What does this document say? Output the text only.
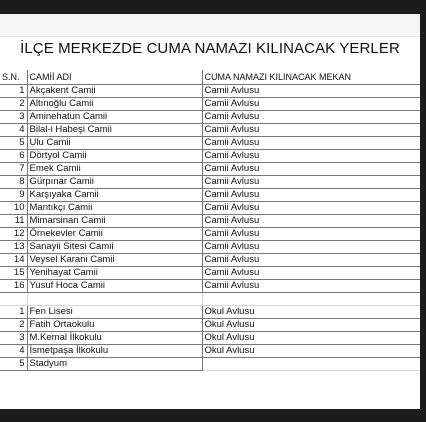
İLÇE MERKEZDE CUMA NAMAZI KILINACAK YERLER
S.N.	CAMİİ ADI	CUMA NAMAZI KILINACAK MEKAN
1	Akçakent Camii	Camii Avlusu
2	Altınoğlu Camii	Camii Avlusu
3	Aminehatun Camii	Camii Avlusu
4	Bilal-i Habeşi Camii	Camii Avlusu
5	Ulu Camii	Camii Avlusu
6	Dörtyol Camii	Camii Avlusu
7	Emek Camii	Camii Avlusu
8	Gürpınar Camii	Camii Avlusu
9	Karşıyaka Camii	Camii Avlusu
10	Mantıkçı Camii	Camii Avlusu
11	Mimarsinan Camii	Camii Avlusu
12	Örnekevler Camii	Camii Avlusu
13	Sanayii Sitesi Camii	Camii Avlusu
14	Veysel Karani Camii	Camii Avlusu
15	Yenihayat Camii	Camii Avlusu
16	Yusuf Hoca Camii	Camii Avlusu

1	Fen Lisesi	Okul Avlusu
2	Fatih Ortaokulu	Okul Avlusu
3	M.Kemal İlkokulu	Okul Avlusu
4	İsmetpaşa İlkokulu	Okul Avlusu
5	Stadyum	
